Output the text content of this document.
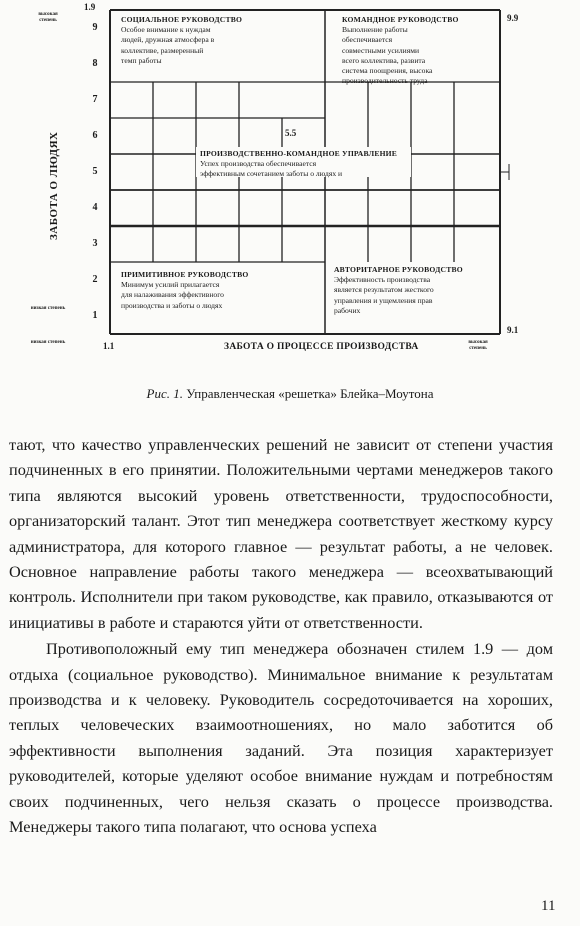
9
8
7
6
5
4
3
2
1
1.9
9.9
1.1
9.1
5.5
высокая степень
низкая степень
низкая степень	высокая степень
ЗАБОТА О ЛЮДЯХ
ЗАБОТА О ПРОЦЕССЕ ПРОИЗВОДСТВА
СОЦИАЛЬНОЕ РУКОВОДСТВО
Особое внимание к нуждам
людей, дружная атмосфера в
коллективе, размеренный
темп работы
КОМАНДНОЕ РУКОВОДСТВО
Выполнение работы
обеспечивается
совместными усилиями
всего коллектива, развита
система поощрения, высока
производительность труда
ПРОИЗВОДСТВЕННО-КОМАНДНОЕ УПРАВЛЕНИЕ
Успех производства обеспечивается
эффективным сочетанием заботы о людях и
ПРИМИТИВНОЕ РУКОВОДСТВО
Минимум усилий прилагается
для налаживания эффективного
производства и заботы о людях
АВТОРИТАРНОЕ РУКОВОДСТВО
Эффективность производства
является результатом жесткого
управления и ущемления прав
рабочих

Рис. 1. Управленческая «решетка» Блейка–Моутона

тают, что качество управленческих решений не зависит от степени участия подчиненных в его принятии. Положительными чертами менеджеров такого типа являются высокий уровень ответственности, трудоспособности, организаторский талант. Этот тип менеджера соответствует жесткому курсу администратора, для которого главное — результат работы, а не человек. Основное направление работы такого менеджера — всеохватывающий контроль. Исполнители при таком руководстве, как правило, отказываются от инициативы в работе и стараются уйти от ответственности.

Противоположный ему тип менеджера обозначен стилем 1.9 — дом отдыха (социальное руководство). Минимальное внимание к результатам производства и к человеку. Руководитель сосредоточивается на хороших, теплых человеческих взаимоотношениях, но мало заботится об эффективности выполнения заданий. Эта позиция характеризует руководителей, которые уделяют особое внимание нуждам и потребностям своих подчиненных, чего нельзя сказать о процессе производства. Менеджеры такого типа полагают, что основа успеха

11
